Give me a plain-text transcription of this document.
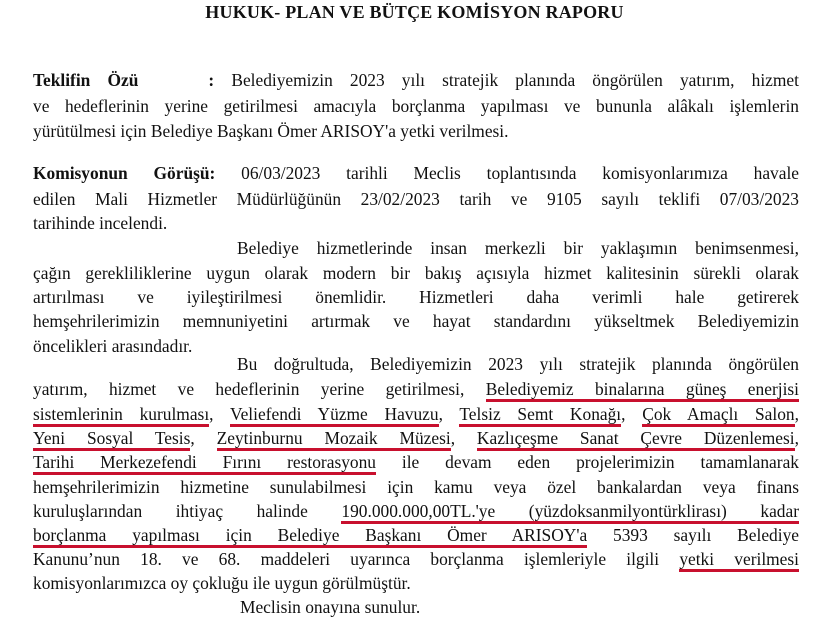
HUKUK- PLAN VE BÜTÇE KOMİSYON RAPORU
Teklifin Özü	: Belediyemizin 2023 yılı stratejik planında öngörülen yatırım, hizmet
ve hedeflerinin yerine getirilmesi amacıyla borçlanma yapılması ve bununla alâkalı işlemlerin
yürütülmesi için Belediye Başkanı Ömer ARISOY'a yetki verilmesi.
Komisyonun Görüşü: 06/03/2023 tarihli Meclis toplantısında komisyonlarımıza havale
edilen Mali Hizmetler Müdürlüğünün 23/02/2023 tarih ve 9105 sayılı teklifi 07/03/2023
tarihinde incelendi.
Belediye hizmetlerinde insan merkezli bir yaklaşımın benimsenmesi,
çağın gerekliliklerine uygun olarak modern bir bakış açısıyla hizmet kalitesinin sürekli olarak
artırılması ve iyileştirilmesi önemlidir. Hizmetleri daha verimli hale getirerek
hemşehrilerimizin memnuniyetini artırmak ve hayat standardını yükseltmek Belediyemizin
öncelikleri arasındadır.
Bu doğrultuda, Belediyemizin 2023 yılı stratejik planında öngörülen
yatırım, hizmet ve hedeflerinin yerine getirilmesi, Belediyemiz binalarına güneş enerjisi
sistemlerinin kurulması, Veliefendi Yüzme Havuzu, Telsiz Semt Konağı, Çok Amaçlı Salon,
Yeni Sosyal Tesis, Zeytinburnu Mozaik Müzesi, Kazlıçeşme Sanat Çevre Düzenlemesi,
Tarihi Merkezefendi Fırını restorasyonu ile devam eden projelerimizin tamamlanarak
hemşehrilerimizin hizmetine sunulabilmesi için kamu veya özel bankalardan veya finans
kuruluşlarından ihtiyaç halinde 190.000.000,00TL.'ye (yüzdoksanmilyontürklirası) kadar
borçlanma yapılması için Belediye Başkanı Ömer ARISOY'a 5393 sayılı Belediye
Kanunu’nun 18. ve 68. maddeleri uyarınca borçlanma işlemleriyle ilgili yetki verilmesi
komisyonlarımızca oy çokluğu ile uygun görülmüştür.
Meclisin onayına sunulur.
